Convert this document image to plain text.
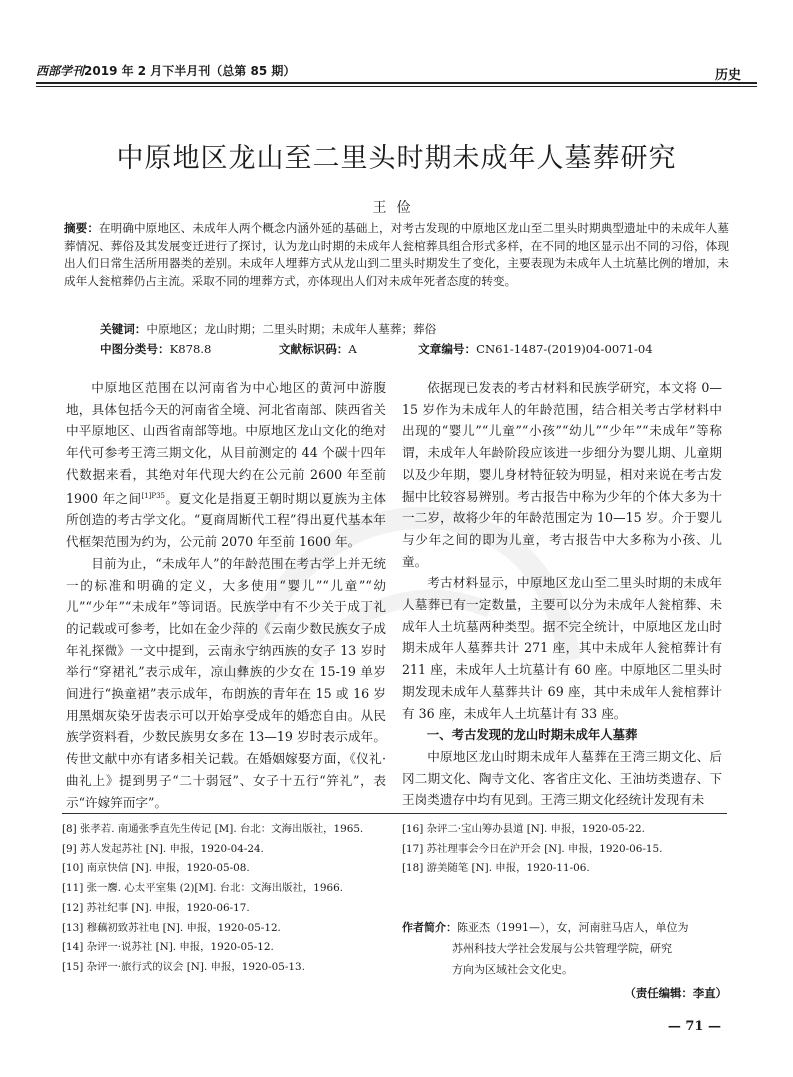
西部学刊2019 年 2 月下半月刊（总第 85 期）	历史
中原地区龙山至二里头时期未成年人墓葬研究
王俭
摘要：在明确中原地区、未成年人两个概念内涵外延的基础上，对考古发现的中原地区龙山至二里头时期典型遗址中的未成年人墓葬情况、葬俗及其发展变迁进行了探讨，认为龙山时期的未成年人瓮棺葬具组合形式多样，在不同的地区显示出不同的习俗，体现出人们日常生活所用器类的差别。未成年人埋葬方式从龙山到二里头时期发生了变化，主要表现为未成年人土坑墓比例的增加，未成年人瓮棺葬仍占主流。采取不同的埋葬方式，亦体现出人们对未成年死者态度的转变。
关键词：中原地区；龙山时期；二里头时期；未成年人墓葬；葬俗
中图分类号：K878.8	文献标识码：A	文章编号：CN61-1487-(2019)04-0071-04

中原地区范围在以河南省为中心地区的黄河中游腹地，具体包括今天的河南省全境、河北省南部、陕西省关中平原地区、山西省南部等地。中原地区龙山文化的绝对年代可参考王湾三期文化，从目前测定的 44 个碳十四年代数据来看，其绝对年代现大约在公元前 2600 年至前 1900 年之间$^{[1]P35}$。夏文化是指夏王朝时期以夏族为主体所创造的考古学文化。“夏商周断代工程”得出夏代基本年代框架范围为约为，公元前 2070 年至前 1600 年。

目前为止，“未成年人”的年龄范围在考古学上并无统一的标准和明确的定义，大多使用“婴儿”“儿童”“幼儿”“少年”“未成年”等词语。民族学中有不少关于成丁礼的记载或可参考，比如在金少萍的《云南少数民族女子成年礼探微》一文中提到，云南永宁纳西族的女子 13 岁时举行“穿裙礼”表示成年，凉山彝族的少女在 15-19 单岁间进行“换童裙”表示成年，布朗族的青年在 15 或 16 岁用黑烟灰染牙齿表示可以开始享受成年的婚恋自由。从民族学资料看，少数民族男女多在 13—19 岁时表示成年。传世文献中亦有诸多相关记载。在婚姻嫁娶方面，《仪礼·曲礼上》提到男子“二十弱冠”、女子十五行“笄礼”，表示“许嫁笄而字”。

依据现已发表的考古材料和民族学研究，本文将 0—15 岁作为未成年人的年龄范围，结合相关考古学材料中出现的“婴儿”“儿童”“小孩”“幼儿”“少年”“未成年”等称谓，未成年人年龄阶段应该进一步细分为婴儿期、儿童期以及少年期，婴儿身材特征较为明显，相对来说在考古发掘中比较容易辨别。考古报告中称为少年的个体大多为十一二岁，故将少年的年龄范围定为 10—15 岁。介于婴儿与少年之间的即为儿童，考古报告中大多称为小孩、儿童。

考古材料显示，中原地区龙山至二里头时期的未成年人墓葬已有一定数量，主要可以分为未成年人瓮棺葬、未成年人土坑墓两种类型。据不完全统计，中原地区龙山时期未成年人墓葬共计 271 座，其中未成年人瓮棺葬计有 211 座，未成年人土坑墓计有 60 座。中原地区二里头时期发现未成年人墓葬共计 69 座，其中未成年人瓮棺葬计有 36 座，未成年人土坑墓计有 33 座。

一、考古发现的龙山时期未成年人墓葬

中原地区龙山时期未成年人墓葬在王湾三期文化、后冈二期文化、陶寺文化、客省庄文化、王油坊类遗存、下王岗类遗存中均有见到。王湾三期文化经统计发现有未

[8] 张孝若. 南通张季直先生传记 [M]. 台北：文海出版社，1965.
[9] 苏人发起苏社 [N]. 申报，1920-04-24.
[10] 南京快信 [N]. 申报，1920-05-08.
[11] 张一麐. 心太平室集 (2)[M]. 台北：文海出版社，1966.
[12] 苏社纪事 [N]. 申报，1920-06-17.
[13] 穆藕初致苏社电 [N]. 申报，1920-05-12.
[14] 杂评一·说苏社 [N]. 申报，1920-05-12.
[15] 杂评一·旅行式的议会 [N]. 申报，1920-05-13.
[16] 杂评二·宝山筹办县道 [N]. 申报，1920-05-22.
[17] 苏社理事会今日在沪开会 [N]. 申报，1920-06-15.
[18] 游美随笔 [N]. 申报，1920-11-06.
作者简介：陈亚杰（1991—），女，河南驻马店人，单位为
苏州科技大学社会发展与公共管理学院，研究
方向为区域社会文化史。
（责任编辑：李直）
— 71 —
